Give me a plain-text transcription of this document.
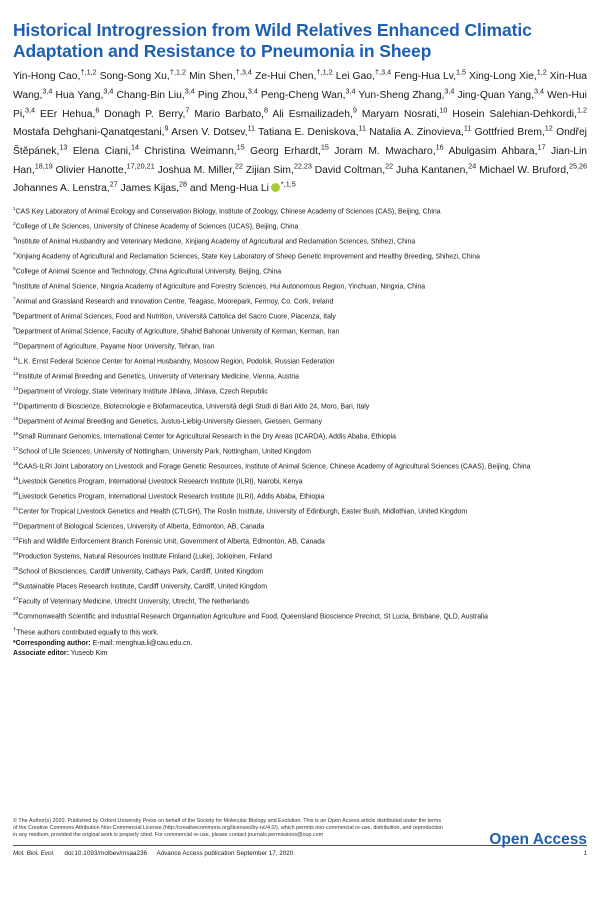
Historical Introgression from Wild Relatives Enhanced Climatic Adaptation and Resistance to Pneumonia in Sheep
Yin-Hong Cao,$^{\dagger,1,2}$ Song-Song Xu,$^{\dagger,1,2}$ Min Shen,$^{\dagger,3,4}$ Ze-Hui Chen,$^{\dagger,1,2}$ Lei Gao,$^{\dagger,3,4}$ Feng-Hua Lv,$^{1,5}$ Xing-Long Xie,$^{1,2}$ Xin-Hua Wang,$^{3,4}$ Hua Yang,$^{3,4}$ Chang-Bin Liu,$^{3,4}$ Ping Zhou,$^{3,4}$ Peng-Cheng Wan,$^{3,4}$ Yun-Sheng Zhang,$^{3,4}$ Jing-Quan Yang,$^{3,4}$ Wen-Hui Pi,$^{3,4}$ EEr Hehua,$^6$ Donagh P. Berry,$^7$ Mario Barbato,$^8$ Ali Esmailizadeh,$^9$ Maryam Nosrati,$^{10}$ Hosein Salehian-Dehkordi,$^{1,2}$ Mostafa Dehghani-Qanatqestani,$^9$ Arsen V. Dotsev,$^{11}$ Tatiana E. Deniskova,$^{11}$ Natalia A. Zinovieva,$^{11}$ Gottfried Brem,$^{12}$ Ondřej Štěpánek,$^{13}$ Elena Ciani,$^{14}$ Christina Weimann,$^{15}$ Georg Erhardt,$^{15}$ Joram M. Mwacharo,$^{16}$ Abulgasim Ahbara,$^{17}$ Jian-Lin Han,$^{18,19}$ Olivier Hanotte,$^{17,20,21}$ Joshua M. Miller,$^{22}$ Zijian Sim,$^{22,23}$ David Coltman,$^{22}$ Juha Kantanen,$^{24}$ Michael W. Bruford,$^{25,26}$ Johannes A. Lenstra,$^{27}$ James Kijas,$^{28}$ and Meng-Hua Li $^{*,1,5}$
$^1$CAS Key Laboratory of Animal Ecology and Conservation Biology, Institute of Zoology, Chinese Academy of Sciences (CAS), Beijing, China
$^2$College of Life Sciences, University of Chinese Academy of Sciences (UCAS), Beijing, China
$^3$Institute of Animal Husbandry and Veterinary Medicine, Xinjiang Academy of Agricultural and Reclamation Sciences, Shihezi, China
$^4$Xinjiang Academy of Agricultural and Reclamation Sciences, State Key Laboratory of Sheep Genetic Improvement and Healthy Breeding, Shihezi, China
$^5$College of Animal Science and Technology, China Agricultural University, Beijing, China
$^6$Institute of Animal Science, Ningxia Academy of Agriculture and Forestry Sciences, Hui Autonomous Region, Yinchuan, Ningxia, China
$^7$Animal and Grassland Research and Innovation Centre, Teagasc, Moorepark, Fermoy, Co. Cork, Ireland
$^8$Department of Animal Sciences, Food and Nutrition, Università Cattolica del Sacro Cuore, Piacenza, Italy
$^9$Department of Animal Science, Faculty of Agriculture, Shahid Bahonar University of Kerman, Kerman, Iran
$^{10}$Department of Agriculture, Payame Noor University, Tehran, Iran
$^{11}$L.K. Ernst Federal Science Center for Animal Husbandry, Moscow Region, Podolsk, Russian Federation
$^{12}$Institute of Animal Breeding and Genetics, University of Veterinary Medicine, Vienna, Austria
$^{13}$Department of Virology, State Veterinary Institute Jihlava, Jihlava, Czech Republic
$^{14}$Dipartimento di Bioscienze, Biotecnologie e Biofarmaceutica, Università degli Studi di Bari Aldo 24, Moro, Bari, Italy
$^{15}$Department of Animal Breeding and Genetics, Justus-Liebig-University Giessen, Giessen, Germany
$^{16}$Small Ruminant Genomics, International Center for Agricultural Research in the Dry Areas (ICARDA), Addis Ababa, Ethiopia
$^{17}$School of Life Sciences, University of Nottingham, University Park, Nottingham, United Kingdom
$^{18}$CAAS-ILRI Joint Laboratory on Livestock and Forage Genetic Resources, Institute of Animal Science, Chinese Academy of Agricultural Sciences (CAAS), Beijing, China
$^{19}$Livestock Genetics Program, International Livestock Research Institute (ILRI), Nairobi, Kenya
$^{20}$Livestock Genetics Program, International Livestock Research Institute (ILRI), Addis Ababa, Ethiopia
$^{21}$Center for Tropical Livestock Genetics and Health (CTLGH), The Roslin Institute, University of Edinburgh, Easter Bush, Midlothian, United Kingdom
$^{22}$Department of Biological Sciences, University of Alberta, Edmonton, AB, Canada
$^{23}$Fish and Wildlife Enforcement Branch Forensic Unit, Government of Alberta, Edmonton, AB, Canada
$^{24}$Production Systems, Natural Resources Institute Finland (Luke), Jokioinen, Finland
$^{25}$School of Biosciences, Cardiff University, Cathays Park, Cardiff, United Kingdom
$^{26}$Sustainable Places Research Institute, Cardiff University, Cardiff, United Kingdom
$^{27}$Faculty of Veterinary Medicine, Utrecht University, Utrecht, The Netherlands
$^{28}$Commonwealth Scientific and Industrial Research Organisation Agriculture and Food, Queensland Bioscience Precinct, St Lucia, Brisbane, QLD, Australia
†These authors contributed equally to this work.
*Corresponding author: E-mail: menghua.li@cau.edu.cn.
Associate editor: Yuseob Kim
© The Author(s) 2020. Published by Oxford University Press on behalf of the Society for Molecular Biology and Evolution. This is an Open Access article distributed under the terms of the Creative Commons Attribution Non-Commercial License (http://creativecommons.org/licenses/by-nc/4.0/), which permits non-commercial re-use, distribution, and reproduction in any medium, provided the original work is properly cited. For commercial re-use, please contact journals.permissions@oup.com	Open Access
Mol. Biol. Evol. doi:10.1093/molbev/msaa236 Advance Access publication September 17, 2020	1
